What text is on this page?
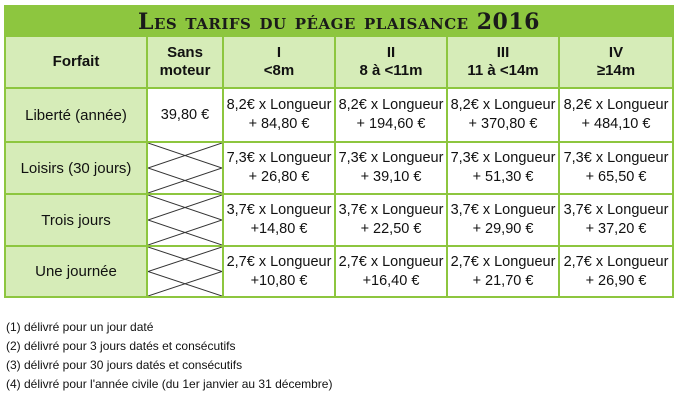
Les tarifs du péage plaisance 2016
Forfait
Sans
moteur
I
<8m
II
8 à <11m
III
11 à <14m
IV
≥14m
Liberté (année)	39,80 €
8,2€ x Longueur
+ 84,80 €
8,2€ x Longueur
+ 194,60 €
8,2€ x Longueur
+ 370,80 €
8,2€ x Longueur
+ 484,10 €
Loisirs (30 jours)
7,3€ x Longueur
+ 26,80 €
7,3€ x Longueur
+ 39,10 €
7,3€ x Longueur
+ 51,30 €
7,3€ x Longueur
+ 65,50 €
Trois jours
3,7€ x Longueur
+14,80 €
3,7€ x Longueur
+ 22,50 €
3,7€ x Longueur
+ 29,90 €
3,7€ x Longueur
+ 37,20 €
Une journée
2,7€ x Longueur
+10,80 €
2,7€ x Longueur
+16,40 €
2,7€ x Longueur
+ 21,70 €
2,7€ x Longueur
+ 26,90 €
(1) délivré pour un jour daté
(2) délivré pour 3 jours datés et consécutifs
(3) délivré pour 30 jours datés et consécutifs
(4) délivré pour l'année civile (du 1er janvier au 31 décembre)
